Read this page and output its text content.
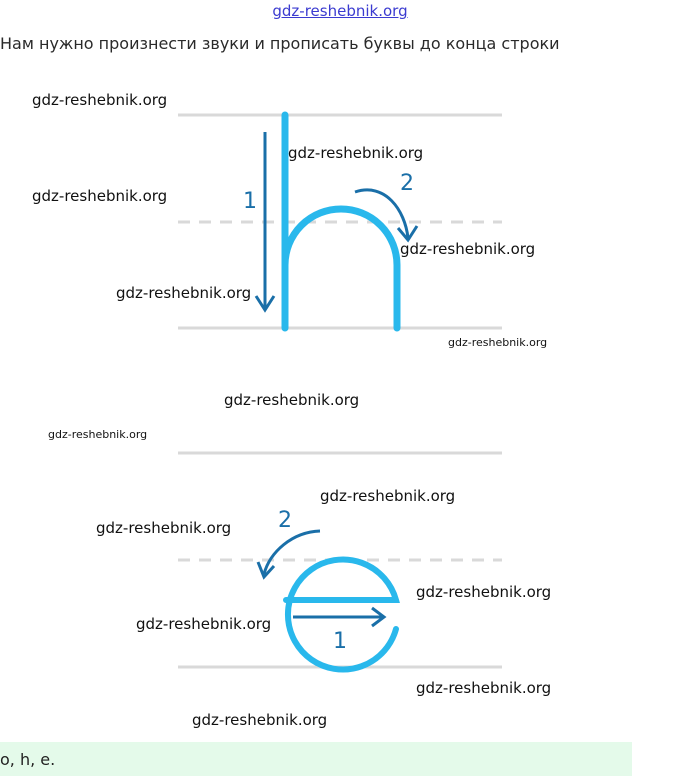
gdz-reshebnik.org
Нам нужно произнести звуки и прописать буквы до конца строки
1
2
1
2
gdz-reshebnik.org
gdz-reshebnik.org
gdz-reshebnik.org
gdz-reshebnik.org
gdz-reshebnik.org
gdz-reshebnik.org
gdz-reshebnik.org
gdz-reshebnik.org
gdz-reshebnik.org
gdz-reshebnik.org
gdz-reshebnik.org
gdz-reshebnik.org
gdz-reshebnik.org
gdz-reshebnik.org
o, h, e.
